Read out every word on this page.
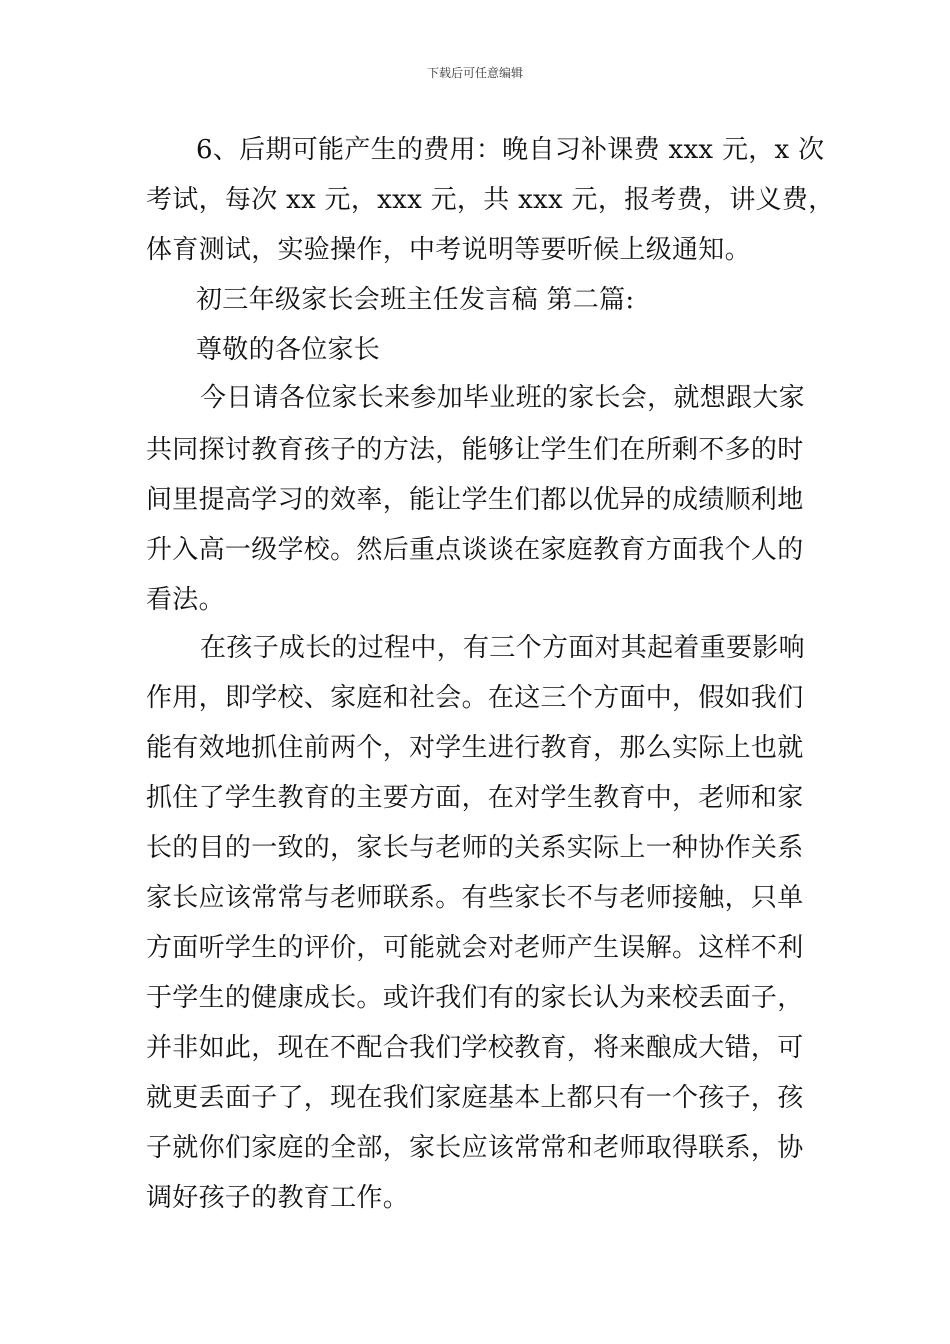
下载后可任意编辑
6、后期可能产生的费用：晚自习补课费 xxx 元，x 次
考试，每次 xx 元，xxx 元，共 xxx 元，报考费，讲义费，
体育测试，实验操作，中考说明等要听候上级通知。
初三年级家长会班主任发言稿 第二篇:
尊敬的各位家长
今日请各位家长来参加毕业班的家长会，就想跟大家
共同探讨教育孩子的方法，能够让学生们在所剩不多的时
间里提高学习的效率，能让学生们都以优异的成绩顺利地
升入高一级学校。然后重点谈谈在家庭教育方面我个人的
看法。
在孩子成长的过程中，有三个方面对其起着重要影响
作用，即学校、家庭和社会。在这三个方面中，假如我们
能有效地抓住前两个，对学生进行教育，那么实际上也就
抓住了学生教育的主要方面，在对学生教育中，老师和家
长的目的一致的，家长与老师的关系实际上一种协作关系
家长应该常常与老师联系。有些家长不与老师接触，只单
方面听学生的评价，可能就会对老师产生误解。这样不利
于学生的健康成长。或许我们有的家长认为来校丢面子，
并非如此，现在不配合我们学校教育，将来酿成大错，可
就更丢面子了，现在我们家庭基本上都只有一个孩子，孩
子就你们家庭的全部，家长应该常常和老师取得联系，协
调好孩子的教育工作。
